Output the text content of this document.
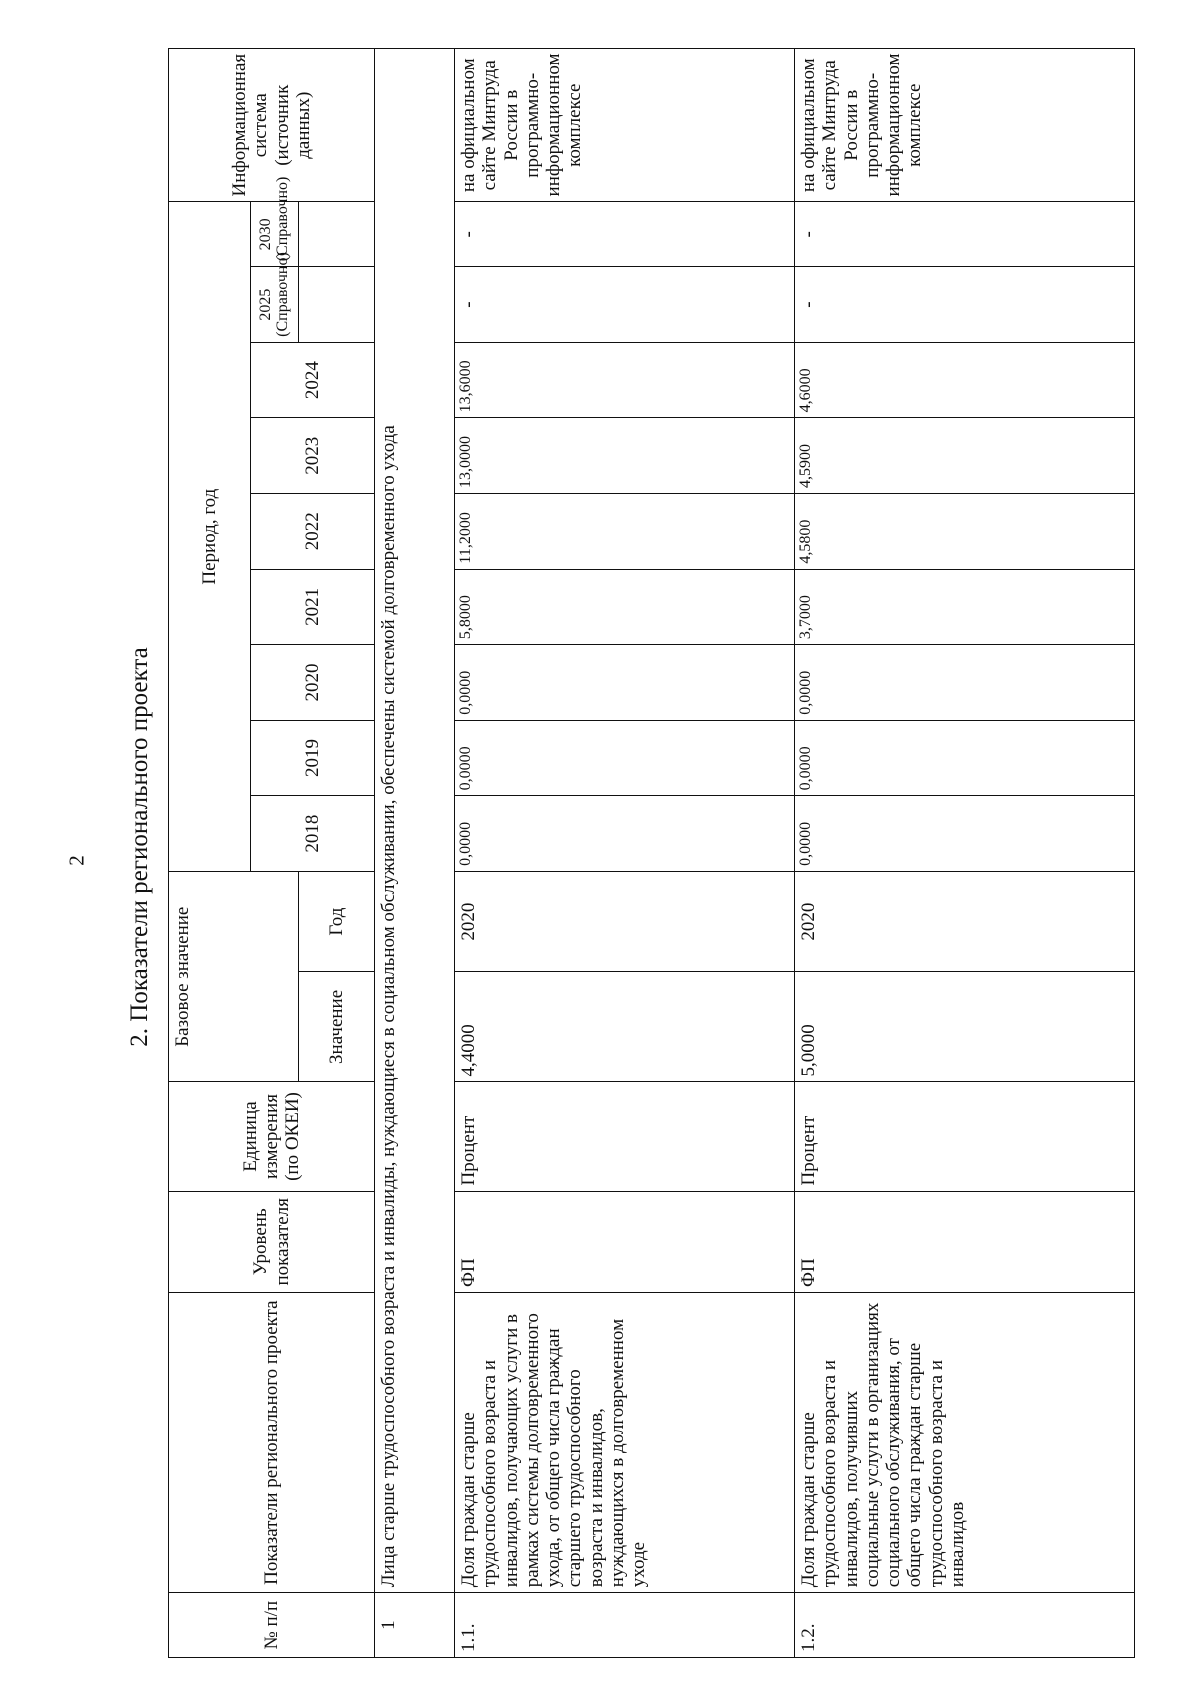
2 2. Показатели регионального проекта
№ п/п	Показатели регионального проекта	Уровень показателя	Единица измерения (по ОКЕИ)	Базовое значение		Период, год									Информационная система (источник данных)
						2018	2019	2020	2021	2022	2023	2024	2025 (Справочно)	2030 (Справочно)	
				Значение	Год										
1	Лица старше трудоспособного возраста и инвалиды, нуждающиеся в социальном обслуживании, обеспечены системой долговременного ухода														
1.1.	Доля граждан старше трудоспособного возраста и инвалидов, получающих услуги в рамках системы долговременного ухода, от общего числа граждан старшего трудоспособного возраста и инвалидов, нуждающихся в долговременном уходе	ФП	Процент	4,4000	2020	0,0000	0,0000	0,0000	5,8000	11,2000	13,0000	13,6000	-	-	на официальном сайте Минтруда России в программно-информационном комплексе
1.2.	Доля граждан старше трудоспособного возраста и инвалидов, получивших социальные услуги в организациях социального обслуживания, от общего числа граждан старше трудоспособного возраста и инвалидов	ФП	Процент	5,0000	2020	0,0000	0,0000	0,0000	3,7000	4,5800	4,5900	4,6000	-	-	на официальном сайте Минтруда России в программно-информационном комплексе
